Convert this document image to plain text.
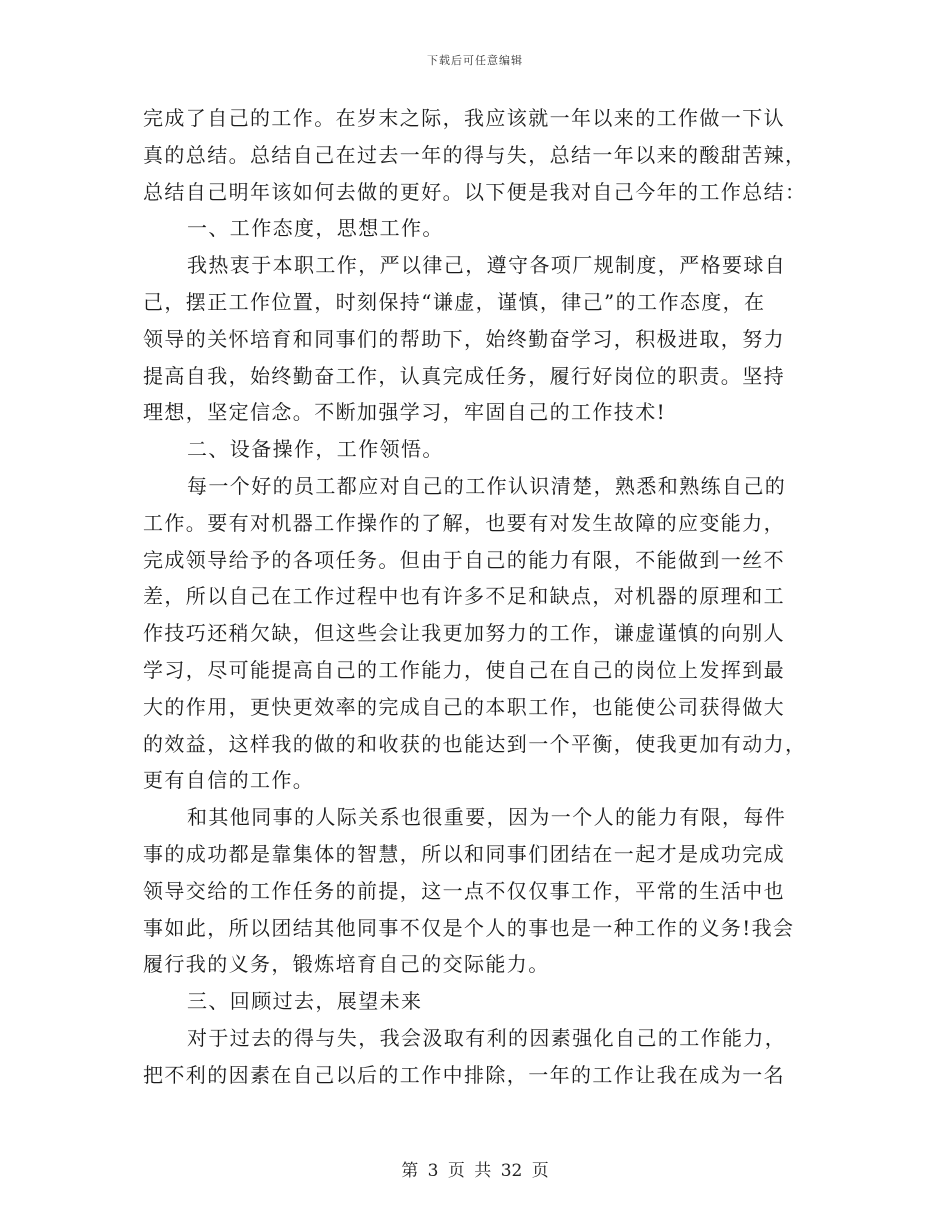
下载后可任意编辑
完成了自己的工作。在岁末之际，我应该就一年以来的工作做一下认
真的总结。总结自己在过去一年的得与失，总结一年以来的酸甜苦辣，
总结自己明年该如何去做的更好。以下便是我对自己今年的工作总结：
一、工作态度，思想工作。
我热衷于本职工作，严以律己，遵守各项厂规制度，严格要球自
己，摆正工作位置，时刻保持“谦虚，谨慎，律己”的工作态度，在
领导的关怀培育和同事们的帮助下，始终勤奋学习，积极进取，努力
提高自我，始终勤奋工作，认真完成任务，履行好岗位的职责。坚持
理想，坚定信念。不断加强学习，牢固自己的工作技术!
二、设备操作，工作领悟。
每一个好的员工都应对自己的工作认识清楚，熟悉和熟练自己的
工作。要有对机器工作操作的了解，也要有对发生故障的应变能力，
完成领导给予的各项任务。但由于自己的能力有限，不能做到一丝不
差，所以自己在工作过程中也有许多不足和缺点，对机器的原理和工
作技巧还稍欠缺，但这些会让我更加努力的工作，谦虚谨慎的向别人
学习，尽可能提高自己的工作能力，使自己在自己的岗位上发挥到最
大的作用，更快更效率的完成自己的本职工作，也能使公司获得做大
的效益，这样我的做的和收获的也能达到一个平衡，使我更加有动力，
更有自信的工作。
和其他同事的人际关系也很重要，因为一个人的能力有限，每件
事的成功都是靠集体的智慧，所以和同事们团结在一起才是成功完成
领导交给的工作任务的前提，这一点不仅仅事工作，平常的生活中也
事如此，所以团结其他同事不仅是个人的事也是一种工作的义务!我会
履行我的义务，锻炼培育自己的交际能力。
三、回顾过去，展望未来
对于过去的得与失，我会汲取有利的因素强化自己的工作能力，
把不利的因素在自己以后的工作中排除，一年的工作让我在成为一名
第 3 页 共 32 页
